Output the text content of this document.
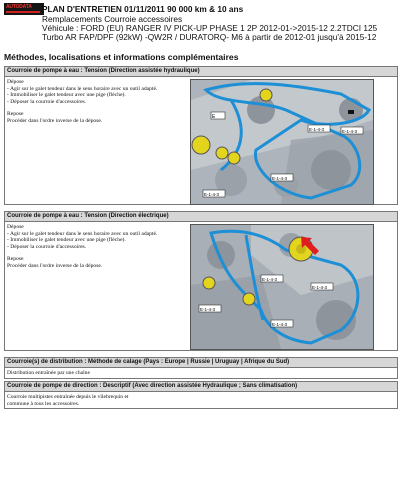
AUTODATA PLAN D'ENTRETIEN 01/11/2011 90 000 km & 10 ans
Remplacements Courroie accessoires
Véhicule : FORD (EU) RANGER IV PICK-UP PHASE 1 2P 2012-01->2015-12 2.2TDCI 125
Turbo AR FAP/DPF (92kW) -QW2R / DURATORQ- M6 à partir de 2012-01 jusqu'à 2015-12
Méthodes, localisations et informations complémentaires
Courroie de pompe à eau : Tension (Direction assistée hydraulique)

Dépose

- Agir sur le galet tendeur dans le sens horaire avec un outil adapté.

- Immobiliser le galet tendeur avec une pige (flèche).

- Déposer la courroie d'accessoires.

Repose

Procéder dans l'ordre inverse de la dépose.

E
E-1-4-3	E-1-4-3
E-1-4-3
E-1-4-3
Courroie de pompe à eau : Tension (Direction électrique)

Dépose

- Agir sur le galet tendeur dans le sens horaire avec un outil adapté.

- Immobiliser le galet tendeur avec une pige (flèche).

- Déposer la courroie d'accessoires.

Repose

Procéder dans l'ordre inverse de la dépose.

E-1-4-3
E-1-4-3
E-1-4-3
E-1-4-3
Courroie(s) de distribution : Méthode de calage (Pays : Europe | Russie | Uruguay | Afrique du Sud)
Distribution entraînée par une chaîne
Courroie de pompe de direction : Descriptif (Avec direction assistée Hydraulique ; Sans climatisation)
Courroie multipistes entraînée depuis le vilebrequin et commune à tous les accessoires.
